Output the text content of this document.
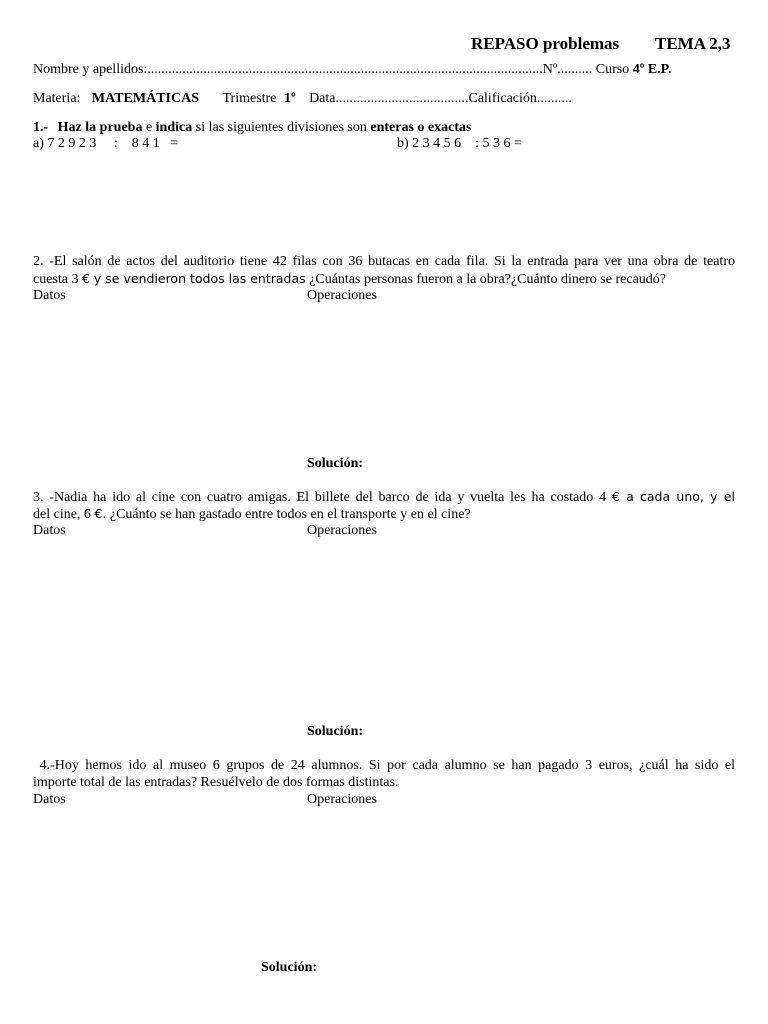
REPASO problemas TEMA 2,3
Nombre y apellidos:.................................................................................................................Nº.......... Curso 4º E.P.
Materia: MATEMÁTICAS Trimestre 1º Data......................................Calificación..........
1.- Haz la prueba e indica si las siguientes divisiones son enteras o exactas
a) 7 2 9 2 3     :    8 4 1   =	b) 2 3 4 5 6    : 5 3 6 =
2. -El salón de actos del auditorio tiene 42 filas con 36 butacas en cada fila. Si la entrada para ver una obra de teatro
cuesta 3 € y se vendieron todos las entradas ¿Cuántas personas fueron a la obra?¿Cuánto dinero se recaudó?
Datos	Operaciones
Solución:
3. -Nadia ha ido al cine con cuatro amigas. El billete del barco de ida y vuelta les ha costado 4 € a cada uno, y el
del cine, 6 €. ¿Cuánto se han gastado entre todos en el transporte y en el cine?
Datos	Operaciones
Solución:
4.-Hoy hemos ido al museo 6 grupos de 24 alumnos. Si por cada alumno se han pagado 3 euros, ¿cuál ha sido el
importe total de las entradas? Resuélvelo de dos formas distintas.
Datos	Operaciones
Solución:
